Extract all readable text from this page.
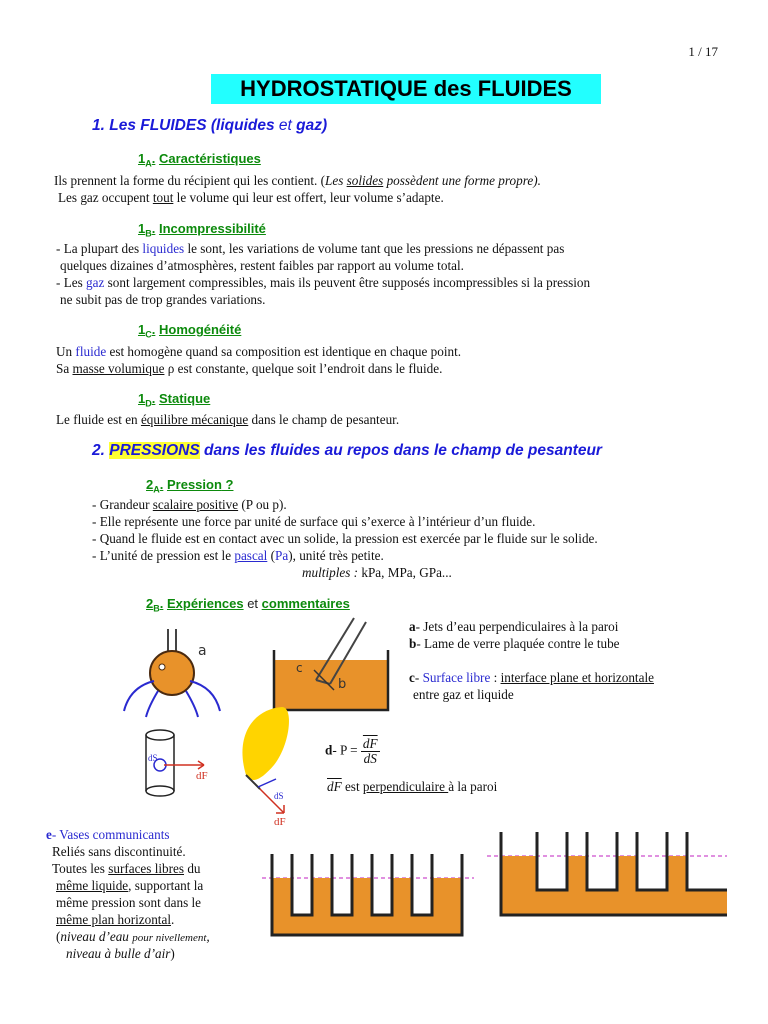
1 / 17
HYDROSTATIQUE des FLUIDES
1. Les FLUIDES (liquides et gaz)
$1_A$. Caractéristiques
Ils prennent la forme du récipient qui les contient. (Les solides possèdent une forme propre).
Les gaz occupent tout le volume qui leur est offert, leur volume s’adapte.
$1_B$. Incompressibilité
- La plupart des liquides le sont, les variations de volume tant que les pressions ne dépassent pas
quelques dizaines d’atmosphères, restent faibles par rapport au volume total.
- Les gaz sont largement compressibles, mais ils peuvent être supposés incompressibles si la pression
ne subit pas de trop grandes variations.
$1_C$. Homogénéité
Un fluide est homogène quand sa composition est identique en chaque point.
Sa masse volumique ρ est constante, quelque soit l’endroit dans le fluide.
$1_D$. Statique
Le fluide est en équilibre mécanique dans le champ de pesanteur.
2. PRESSIONS dans les fluides au repos dans le champ de pesanteur
$2_A$. Pression ?
- Grandeur scalaire positive (P ou p).
- Elle représente une force par unité de surface qui s’exerce à l’intérieur d’un fluide.
- Quand le fluide est en contact avec un solide, la pression est exercée par le fluide sur le solide.
- L’unité de pression est le pascal (Pa), unité très petite.
multiples : kPa, MPa, GPa...
$2_B$. Expériences et commentaires
a- Jets d’eau perpendiculaires à la paroi
b- Lame de verre plaquée contre le tube
c- Surface libre : interface plane et horizontale
entre gaz et liquide
d- $P = \frac{\overline{dF}}{dS}$
$\overline{dF}$ est perpendiculaire à la paroi
e- Vases communicants
Reliés sans discontinuité.
Toutes les surfaces libres du
même liquide, supportant la
même pression sont dans le
même plan horizontal.
(niveau d’eau pour nivellement,
niveau à bulle d’air)
a
c
b
dS
dF
dF
dS
